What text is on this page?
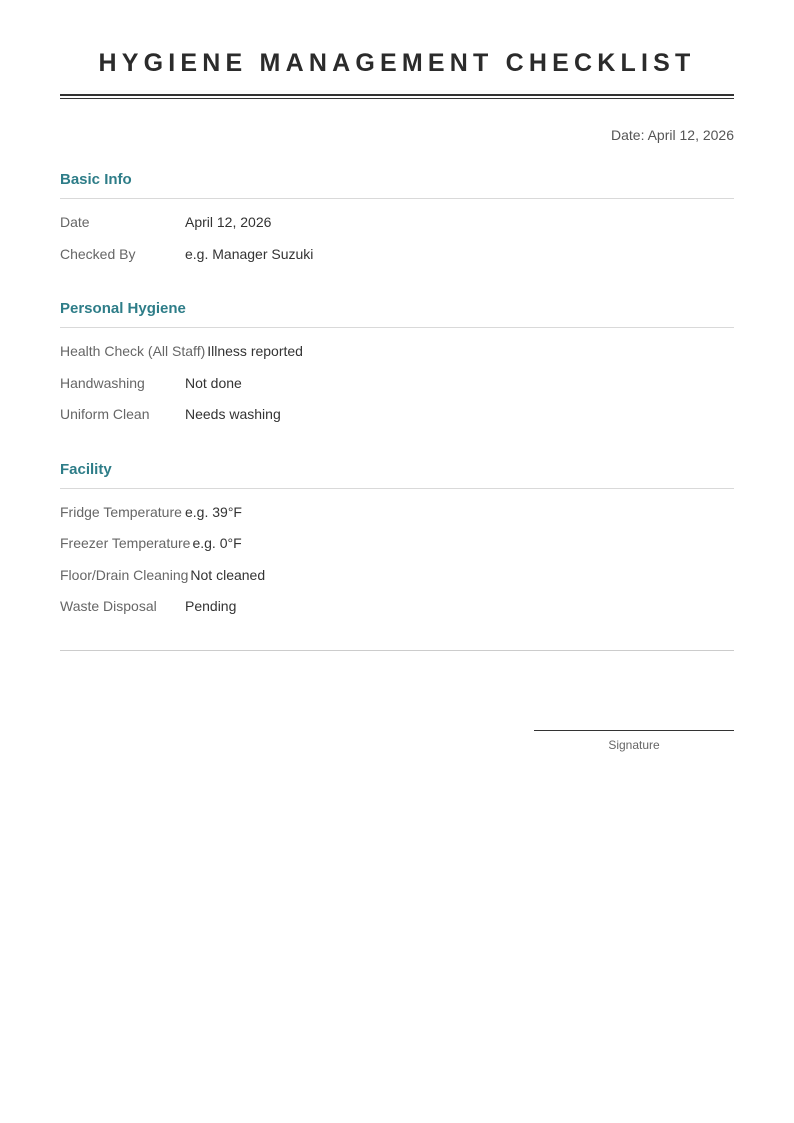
HYGIENE MANAGEMENT CHECKLIST
Date: April 12, 2026
Basic Info
Date	April 12, 2026
Checked By	e.g. Manager Suzuki
Personal Hygiene
Health Check (All Staff) Illness reported
Handwashing	Not done
Uniform Clean	Needs washing
Facility
Fridge Temperature e.g. 39°F
Freezer Temperature e.g. 0°F
Floor/Drain Cleaning Not cleaned
Waste Disposal	Pending
Signature
